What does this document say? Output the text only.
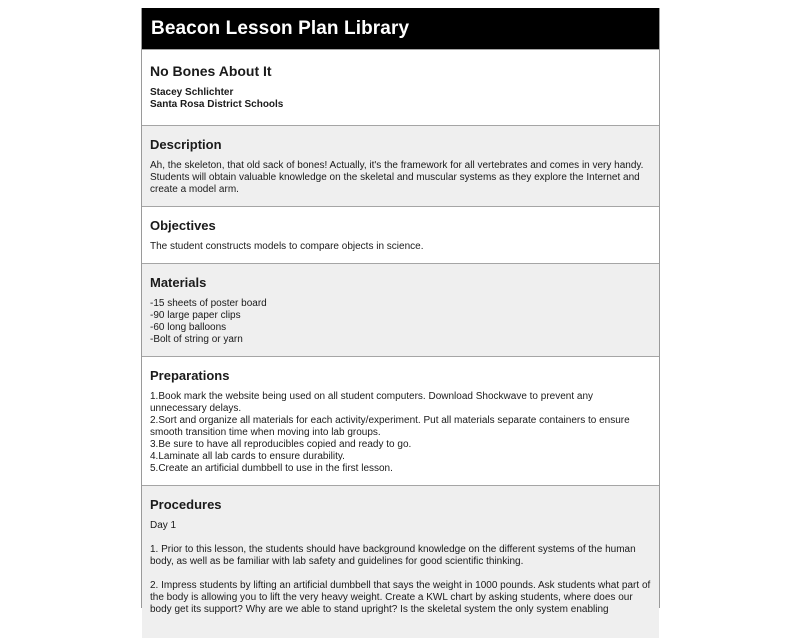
Beacon Lesson Plan Library
No Bones About It
Stacey Schlichter
Santa Rosa District Schools
Description
Ah, the skeleton, that old sack of bones! Actually, it's the framework for all vertebrates and comes in very handy. Students will obtain valuable knowledge on the skeletal and muscular systems as they explore the Internet and create a model arm.
Objectives
The student constructs models to compare objects in science.
Materials
-15 sheets of poster board
-90 large paper clips
-60 long balloons
-Bolt of string or yarn
Preparations
1.Book mark the website being used on all student computers. Download Shockwave to prevent any unnecessary delays.
2.Sort and organize all materials for each activity/experiment. Put all materials separate containers to ensure smooth transition time when moving into lab groups.
3.Be sure to have all reproducibles copied and ready to go.
4.Laminate all lab cards to ensure durability.
5.Create an artificial dumbbell to use in the first lesson.
Procedures
Day 1
1. Prior to this lesson, the students should have background knowledge on the different systems of the human body, as well as be familiar with lab safety and guidelines for good scientific thinking.
2. Impress students by lifting an artificial dumbbell that says the weight in 1000 pounds. Ask students what part of the body is allowing you to lift the very heavy weight. Create a KWL chart by asking students, where does our body get its support? Why are we able to stand upright? Is the skeletal system the only system enabling
